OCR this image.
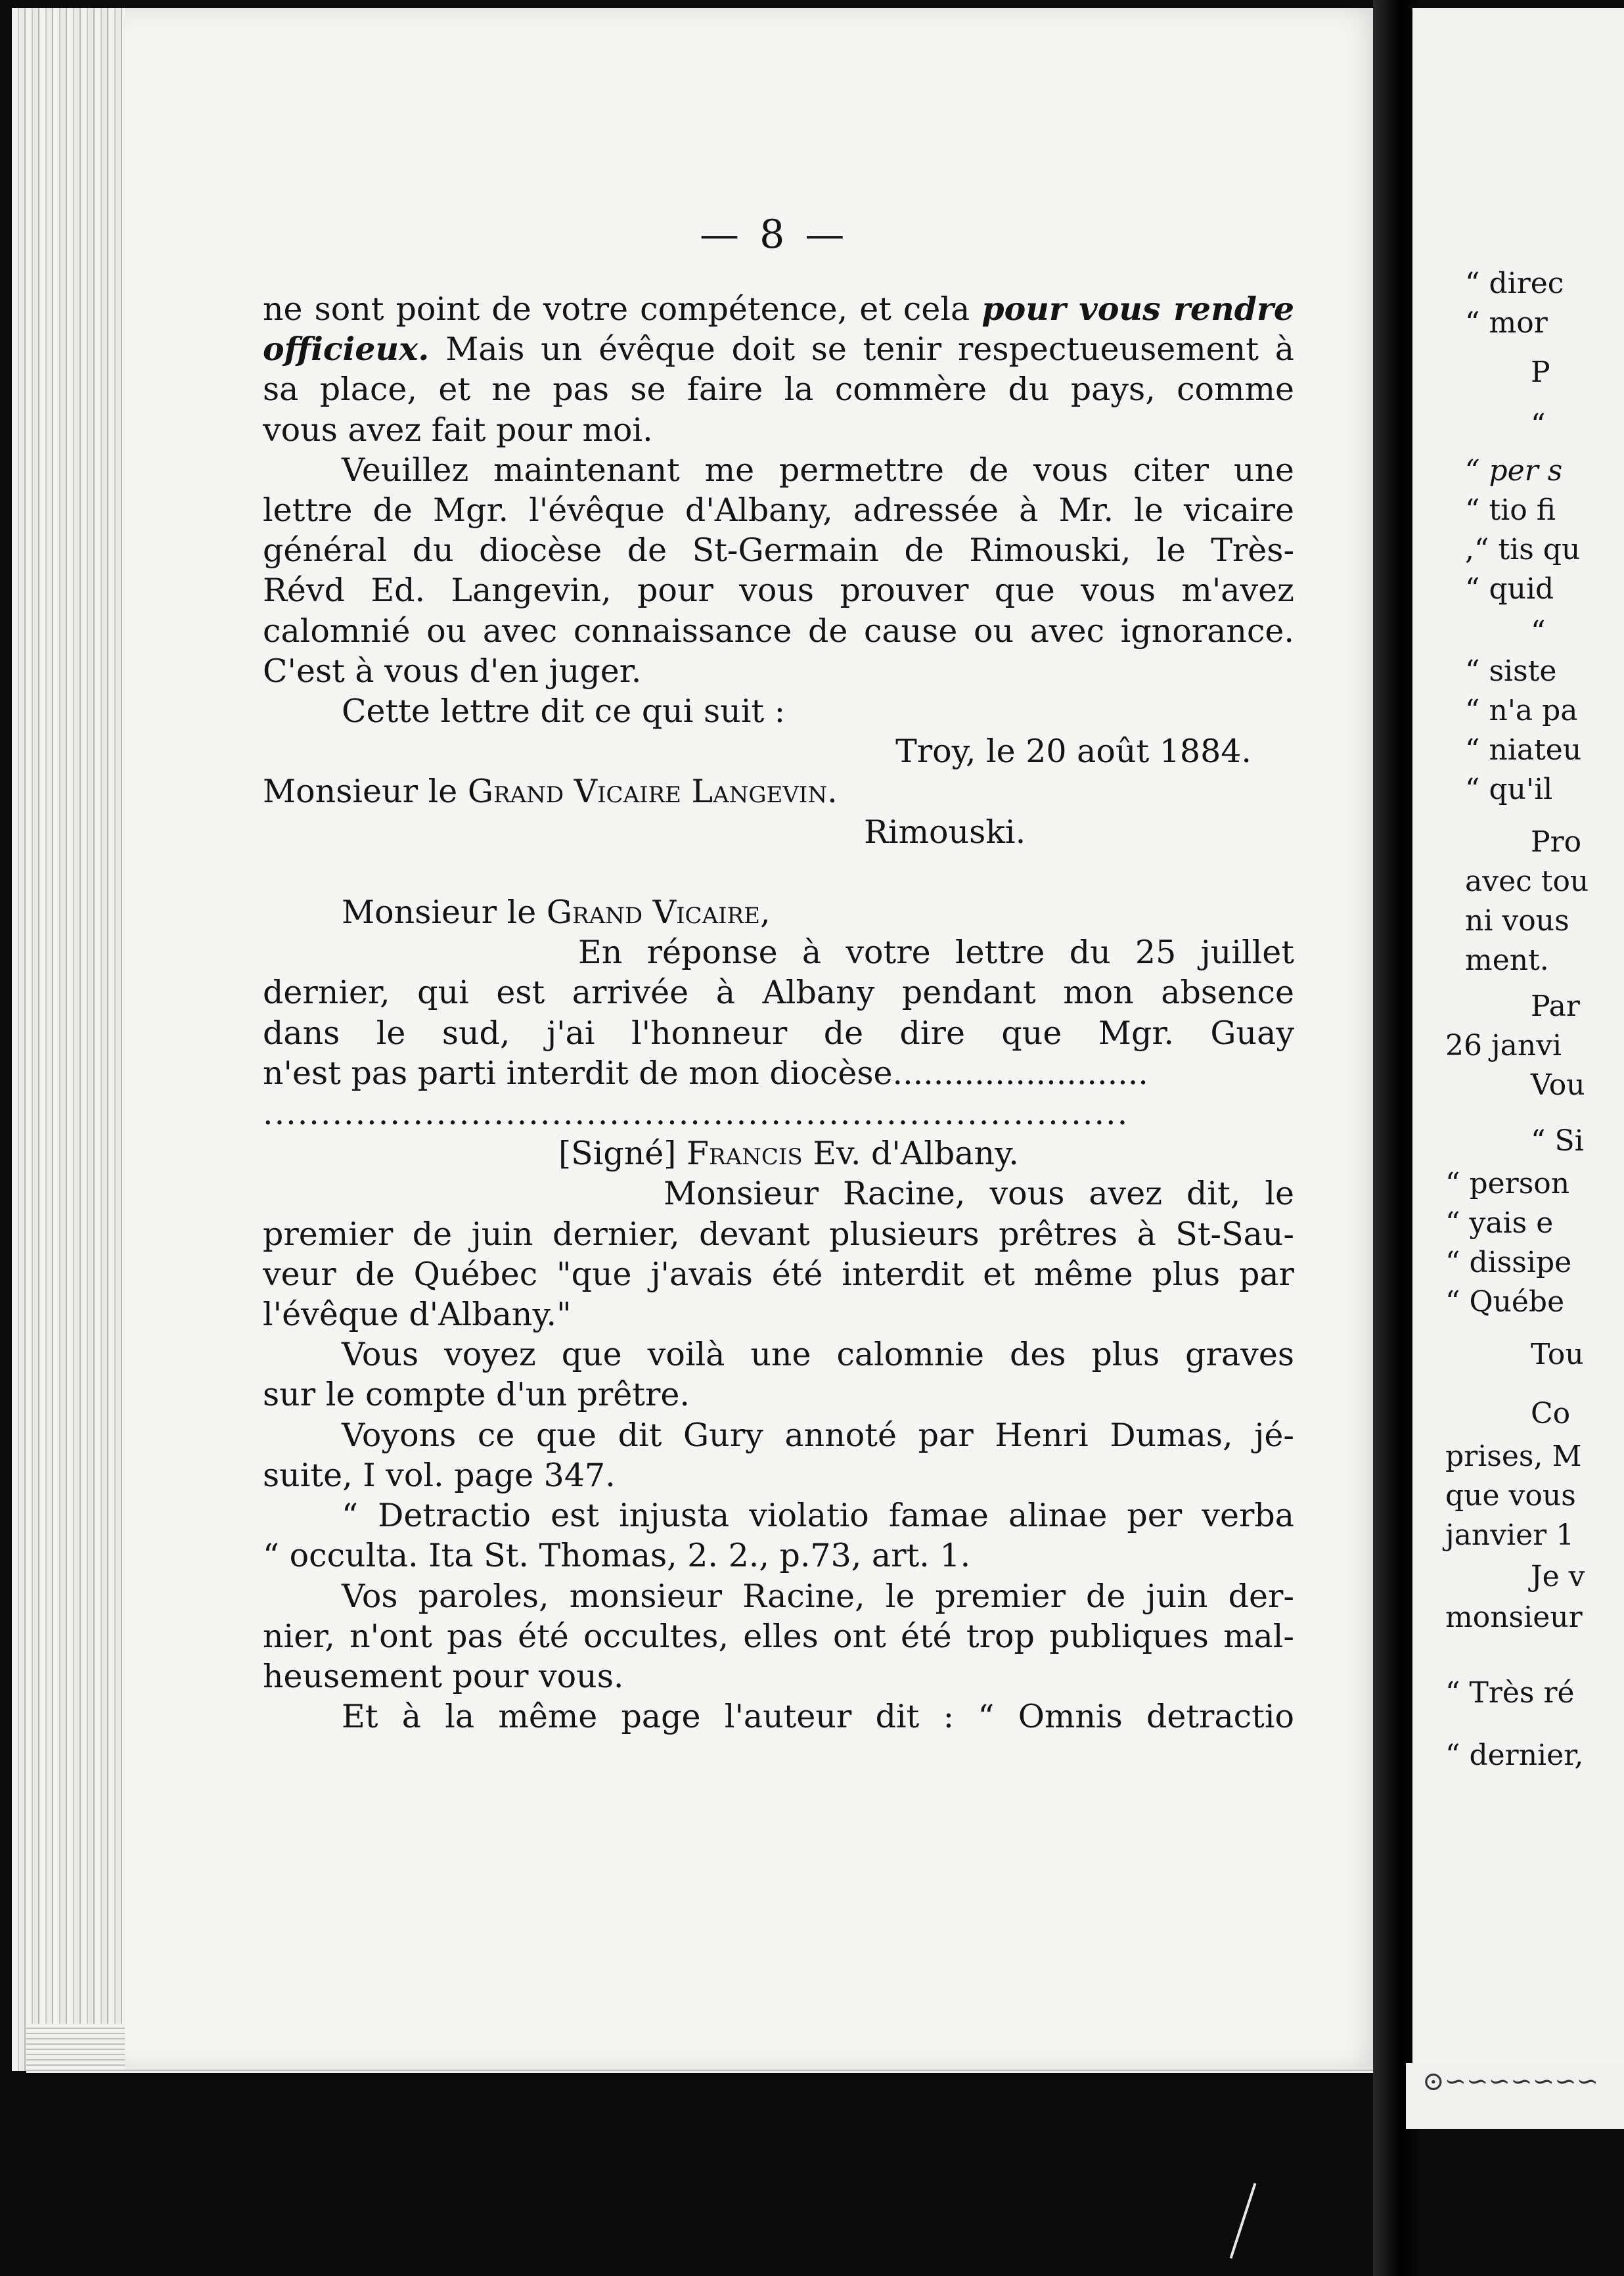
⊙∽∽∽∽∽∽∽
— 8 —
ne sont point de votre compétence, et cela pour vous rendre
officieux. Mais un évêque doit se tenir respectueusement à
sa place, et ne pas se faire la commère du pays, comme
vous avez fait pour moi.
Veuillez maintenant me permettre de vous citer une
lettre de Mgr. l'évêque d'Albany, adressée à Mr. le vicaire
général du diocèse de St-Germain de Rimouski, le Très-
Révd Ed. Langevin, pour vous prouver que vous m'avez
calomnié ou avec connaissance de cause ou avec ignorance.
C'est à vous d'en juger.
Cette lettre dit ce qui suit :
Troy, le 20 août 1884.
Monsieur le Grand Vicaire Langevin.
Rimouski.

Monsieur le Grand Vicaire,
En réponse à votre lettre du 25 juillet
dernier, qui est arrivée à Albany pendant mon absence
dans le sud, j'ai l'honneur de dire que Mgr. Guay
n'est pas parti interdit de mon diocèse.........................
...........................................................................
[Signé] Francis Ev. d'Albany.
Monsieur Racine, vous avez dit, le
premier de juin dernier, devant plusieurs prêtres à St-Sau-
veur de Québec "que j'avais été interdit et même plus par
l'évêque d'Albany."
Vous voyez que voilà une calomnie des plus graves
sur le compte d'un prêtre.
Voyons ce que dit Gury annoté par Henri Dumas, jé-
suite, I vol. page 347.
“ Detractio est injusta violatio famae alinae per verba
“ occulta. Ita St. Thomas, 2. 2., p.73, art. 1.
Vos paroles, monsieur Racine, le premier de juin der-
nier, n'ont pas été occultes, elles ont été trop publiques mal-
heusement pour vous.
Et à la même page l'auteur dit : “ Omnis detractio
“ direc
“ mor
P
“
“ per s
“ tio fi
,“ tis qu
“ quid
“
“ siste
“ n'a pa
“ niateu
“ qu'il
Pro
avec tou
ni vous
ment.
Par
26 janvi
Vou
“ Si
“ person
“ yais e
“ dissipe
“ Québe
Tou
Co
prises, M
que vous
janvier 1
Je v
monsieur
“ Très ré
“ dernier,
